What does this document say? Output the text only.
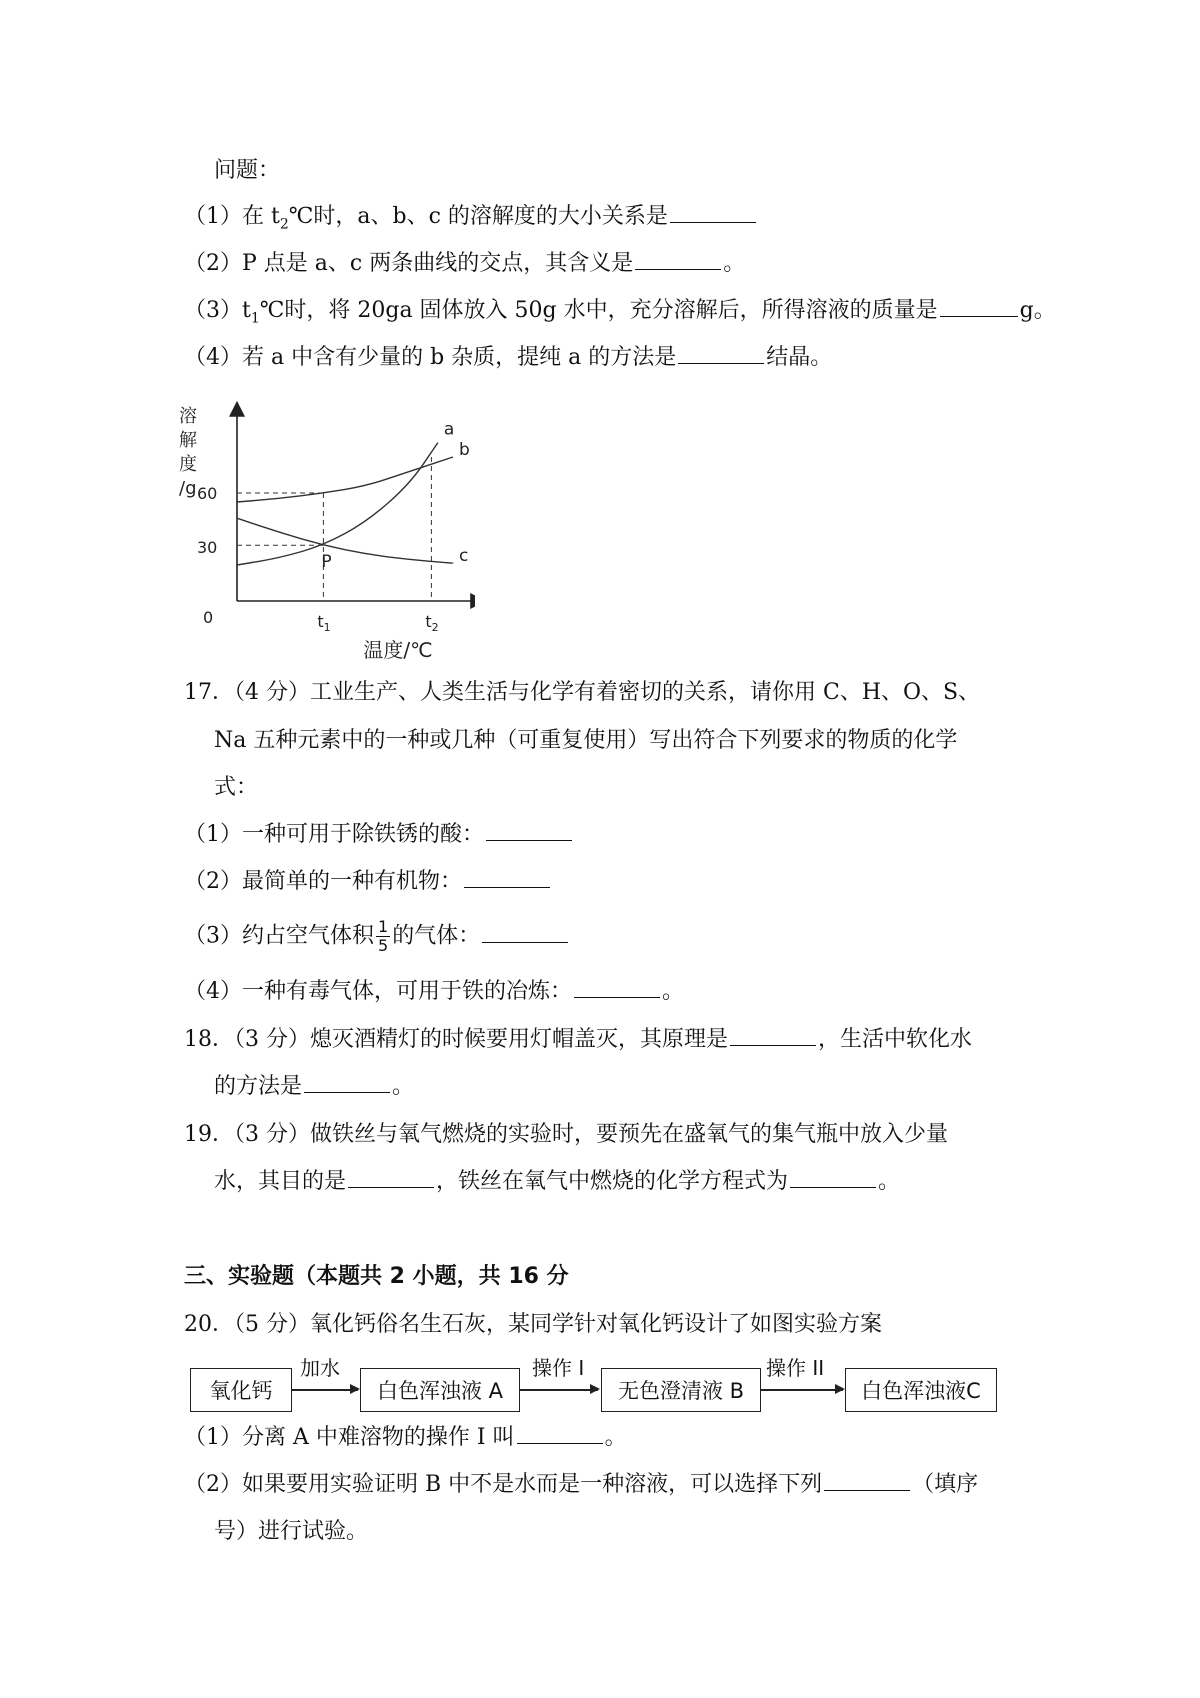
问题：
（1）在 $t_2℃$时，a、b、c 的溶解度的大小关系是
（2）P 点是 a、c 两条曲线的交点，其含义是	。
$(3)t_1℃$时，将 20ga 固体放入 50g 水中，充分溶解后，所得溶液的质量是	g。
（4）若 a 中含有少量的 b 杂质，提纯 a 的方法是	结晶。
溶
解
度
/g 60
30
0	$t_1$	$t_2$
温度/℃
a
b
c
P
17．（4 分）工业生产、人类生活与化学有着密切的关系，请你用 C、H、O、S、
Na 五种元素中的一种或几种（可重复使用）写出符合下列要求的物质的化学
式：
（1）一种可用于除铁锈的酸：
（2）最简单的一种有机物：
（3）约占空气体积 $\frac{1}{5}$ 的气体：
（4）一种有毒气体，可用于铁的冶炼：	。
18．（3 分）熄灭酒精灯的时候要用灯帽盖灭，其原理是	，生活中软化水
的方法是	。
19．（3 分）做铁丝与氧气燃烧的实验时，要预先在盛氧气的集气瓶中放入少量
水，其目的是	，铁丝在氧气中燃烧的化学方程式为	。
三、实验题（本题共 2 小题，共 16 分
20．（5 分）氧化钙俗名生石灰，某同学针对氧化钙设计了如图实验方案
氧化钙
加水
白色浑浊液 A
操作 I
无色澄清液 B
操作 II
白色浑浊液C
（1）分离 A 中难溶物的操作 I 叫	。
（2）如果要用实验证明 B 中不是水而是一种溶液，可以选择下列	（填序
号）进行试验。
